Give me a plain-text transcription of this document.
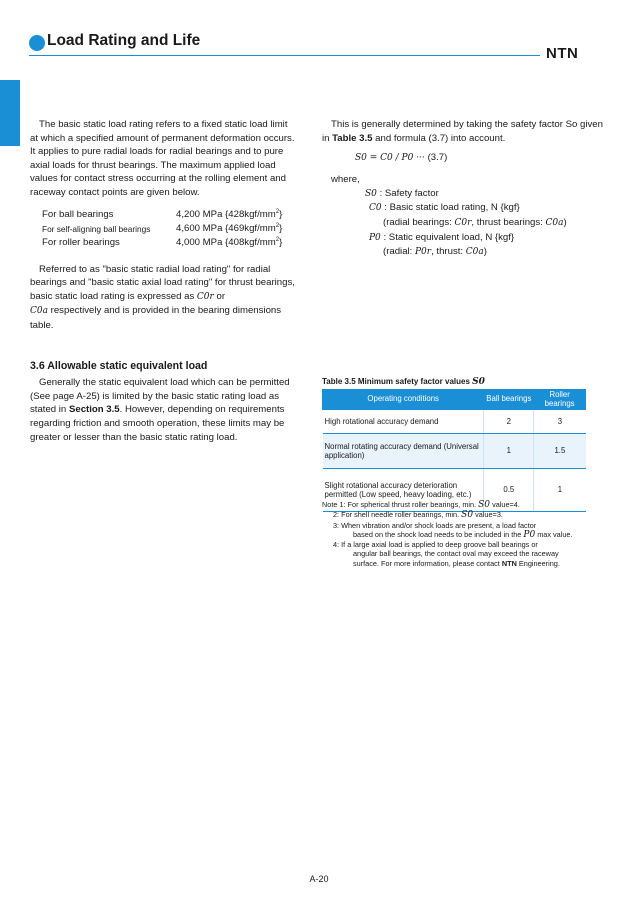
Load Rating and Life
NTN

The basic static load rating refers to a fixed static load limit at which a specified amount of permanent deformation occurs. It applies to pure radial loads for radial bearings and to pure axial loads for thrust bearings. The maximum applied load values for contact stress occurring at the rolling element and raceway contact points are given below.

For ball bearings	4,200 MPa $\{428kgf/mm^2\}$
For self-aligning ball bearings	4,600 MPa $\{469kgf/mm^2\}$
For roller bearings	4,000 MPa $\{408kgf/mm^2\}$

Referred to as "basic static radial load rating" for radial bearings and "basic static axial load rating" for thrust bearings, basic static load rating is expressed as C0r or
C0a respectively and is provided in the bearing dimensions table.

3.6 Allowable static equivalent load

Generally the static equivalent load which can be permitted (See page A-25) is limited by the basic static rating load as stated in Section 3.5. However, depending on requirements regarding friction and smooth operation, these limits may be greater or lesser than the basic static rating load.

This is generally determined by taking the safety factor So given in Table 3.5 and formula (3.7) into account.

S0 = C0 / P0 ··· (3.7)
where,
S0 : Safety factor
C0 : Basic static load rating, N {kgf}
(radial bearings: C0r, thrust bearings: C0a)
P0 : Static equivalent load, N {kgf}
(radial: P0r, thrust: C0a)
Table 3.5 Minimum safety factor values S0
Operating conditions	Ball bearings	Roller bearings
High rotational accuracy demand	2	3
Normal rotating accuracy demand (Universal application)	1	1.5
Slight rotational accuracy deterioration permitted (Low speed, heavy loading, etc.)	0.5	1
Note 1: For spherical thrust roller bearings, min. S0 value=4.
2: For shell needle roller bearings, min. S0 value=3.
3: When vibration and/or shock loads are present, a load factor
based on the shock load needs to be included in the P0 max value.
4: If a large axial load is applied to deep groove ball bearings or
angular ball bearings, the contact oval may exceed the raceway
surface. For more information, please contact NTN Engineering.
A-20
